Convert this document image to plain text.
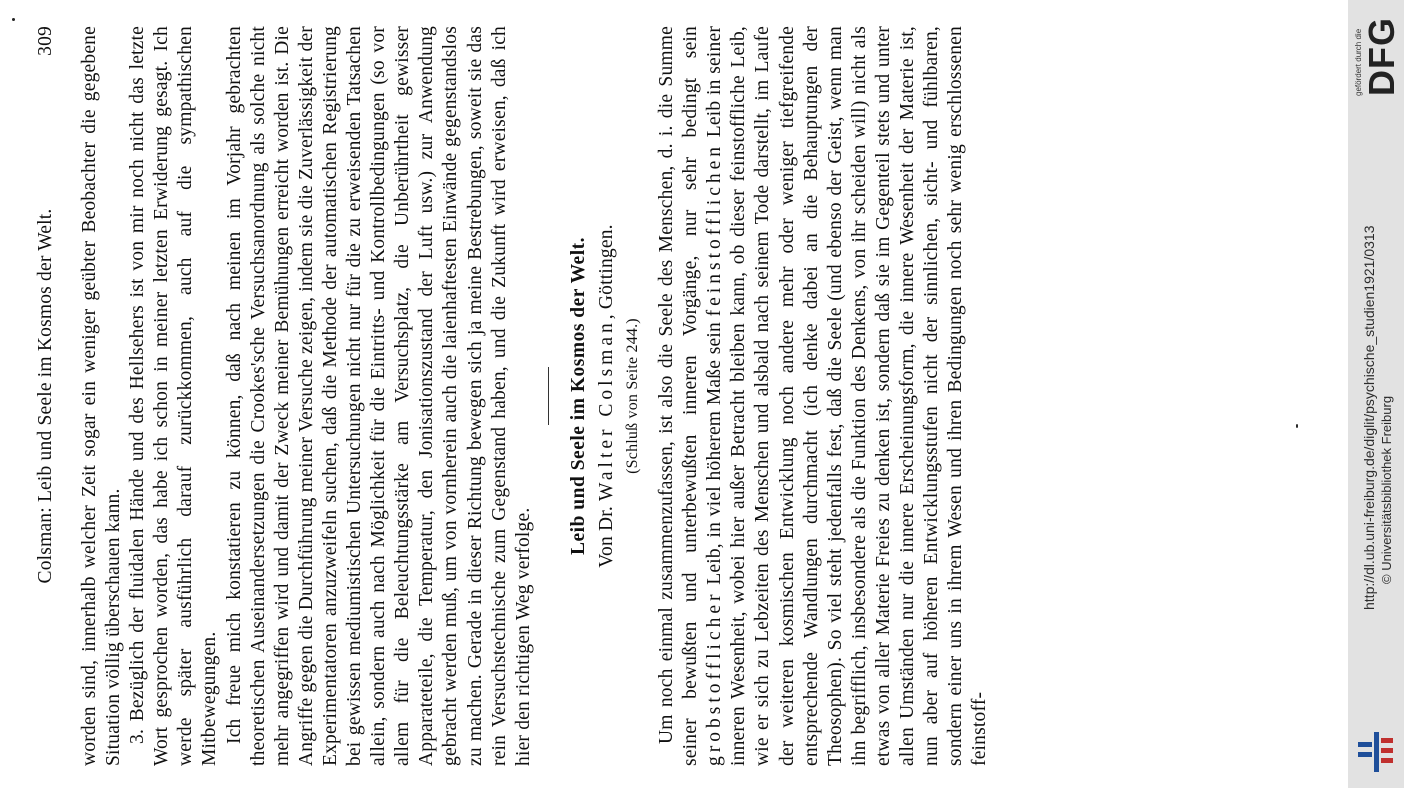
Colsman: Leib und Seele im Kosmos der Welt.
309 worden sind, innerhalb welcher Zeit sogar ein weniger geübter Beobachter die gegebene Situation völlig überschauen kann. 3. Bezüglich der fluidalen Hände und des Hellsehers ist von mir noch nicht das letzte Wort gesprochen worden, das habe ich schon in meiner letzten Erwiderung gesagt. Ich werde später ausführlich darauf zurückkommen, auch auf die sympathischen Mitbewegungen. Ich freue mich konstatieren zu können, daß nach meinen im Vorjahr gebrachten theoretischen Auseinandersetzungen die Crookes'sche Versuchsanordnung als solche nicht mehr angegriffen wird und damit der Zweck meiner Bemühungen erreicht worden ist. Die Angriffe gegen die Durchführung meiner Versuche zeigen, indem sie die Zuverlässigkeit der Experimentatoren anzuzweifeln suchen, daß die Methode der automatischen Registrierung bei gewissen mediumistischen Untersuchungen nicht nur für die zu erweisenden Tatsachen allein, sondern auch nach Möglichkeit für die Eintritts- und Kontrollbedingungen (so vor allem für die Beleuchtungsstärke am Versuchsplatz, die Unberührtheit gewisser Apparateteile, die Temperatur, den Jonisationszustand der Luft usw.) zur Anwendung gebracht werden muß, um von vornherein auch die laienhaftesten Einwände gegenstandslos zu machen. Gerade in dieser Richtung bewegen sich ja meine Bestrebungen, soweit sie das rein Versuchstechnische zum Gegenstand haben, und die Zukunft wird erweisen, daß ich hier den richtigen Weg verfolge.

Leib und Seele im Kosmos der Welt. Von Dr. Walter Colsman, Göttingen.
(Schluß von Seite 244.) Um noch einmal zusammenzufassen, ist also die Seele des Menschen, d. i. die Summe seiner bewußten und unterbewußten inneren Vorgänge, nur sehr bedingt sein grobstofflicher Leib, in viel höherem Maße sein feinstofflichen Leib in seiner inneren Wesenheit, wobei hier außer Betracht bleiben kann, ob dieser feinstoffliche Leib, wie er sich zu Lebzeiten des Menschen und alsbald nach seinem Tode darstellt, im Laufe der weiteren kosmischen Entwicklung noch andere mehr oder weniger tiefgreifende entsprechende Wandlungen durchmacht (ich denke dabei an die Behauptungen der Theosophen). So viel steht jedenfalls fest, daß die Seele (und ebenso der Geist, wenn man ihn begrifflich, insbesondere als die Funktion des Denkens, von ihr scheiden will) nicht als etwas von aller Materie Freies zu denken ist, sondern daß sie im Gegenteil stets und unter allen Umständen nur die innere Erscheinungsform, die innere Wesenheit der Materie ist, nun aber auf höheren Entwicklungsstufen nicht der sinnlichen, sicht- und fühlbaren, sondern einer uns in ihrem Wesen und ihren Bedingungen noch sehr wenig erschlossenen feinstoff-

gefördert durch die
DFG
http://dl.ub.uni-freiburg.de/diglit/psychische_studien1921/0313 © Universitätsbibliothek Freiburg
